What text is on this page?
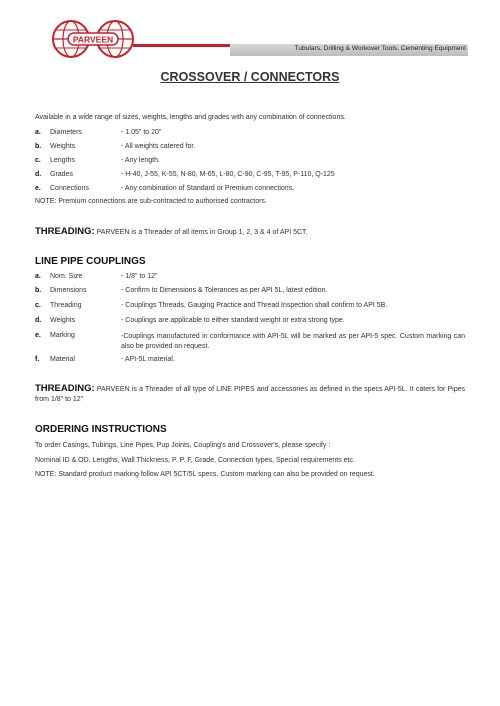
PARVEEN
Tubulars, Drilling & Workover Tools, Cementing Equipment
CROSSOVER / CONNECTORS
Available in a wide range of sizes, weights, lengths and grades with any combination of connections.
a. Diameters	- 1.05" to 20"
b. Weights	- All weights catered for.
c. Lengths	- Any length.
d. Grades	- H-40, J-55, K-55, N-80, M-65, L-80, C-90, C-95, T-95, P-110, Q-125
e. Connections	- Any combination of Standard or Premium connections.
NOTE: Premium connections are sub-contracted to authorised contractors.
THREADING: PARVEEN is a Threader of all items in Group 1, 2, 3 & 4 of API 5CT.
LINE PIPE COUPLINGS
a. Nom. Size	- 1/8" to 12"
b. Dimensions	- Confirm to Dimensions & Tolerances as per API 5L, latest edition.
c. Threading	- Couplings Threads, Gauging Practice and Thread Inspection shall confirm to API 5B.
d. Weights	- Couplings are applicable to either standard weight or extra strong type.
e. Marking	-Couplings manufactured in conformance with API-5L will be marked as per API-5 spec. Custom marking can also be provided on request.
f. Material	- API-5L material.
THREADING: PARVEEN is a Threader of all type of LINE PIPES and accessories as defined in the specs API-5L. It caters for Pipes from 1/8" to 12"
ORDERING INSTRUCTIONS
To order Casings, Tubings, Line Pipes, Pup Joints, Coupling's and Crossover's, please specify :
Nominal ID & OD, Lengths, Wall Thickness, P. P. F, Grade, Connection types, Special requirements etc.
NOTE: Standard product marking follow API 5CT/5L specs. Custom marking can also be provided on request.
